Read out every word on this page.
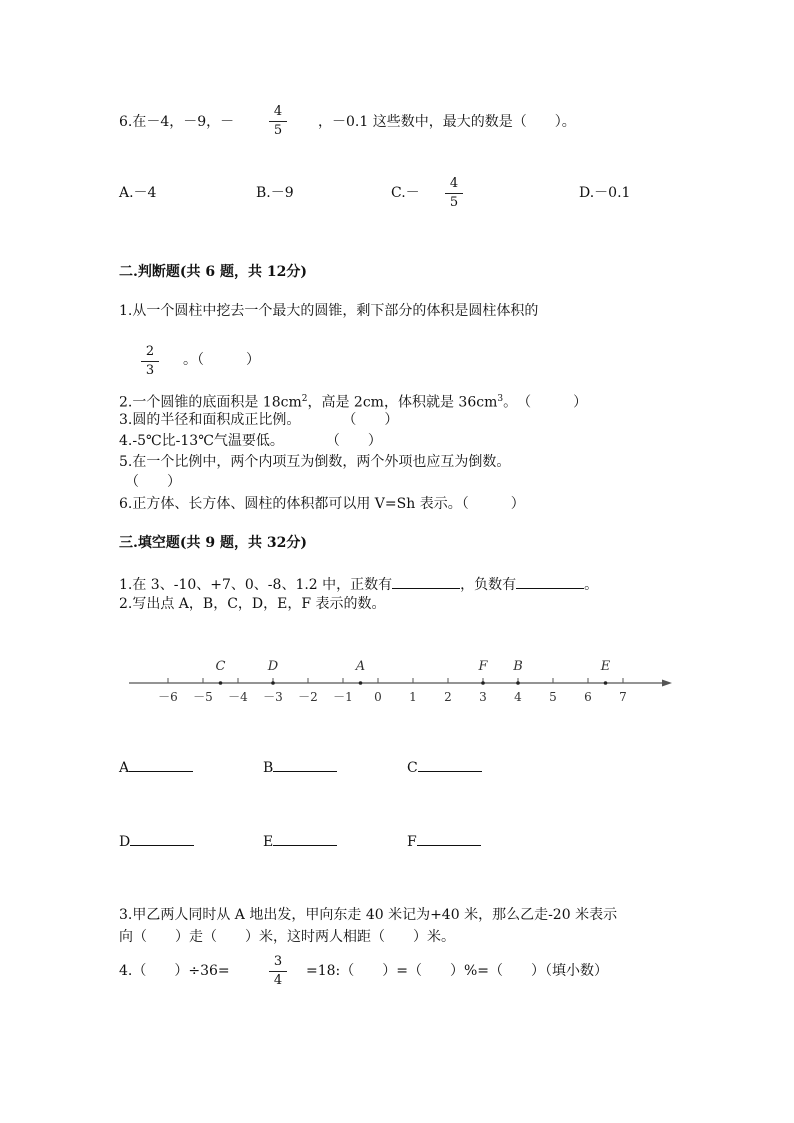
6.在－4，－9，－
4
5
，－0.1 这些数中，最大的数是（　　）。
A.－4	B.－9	C.－
4
5
D.－0.1
二.判断题(共 6 题，共 12分)
1.从一个圆柱中挖去一个最大的圆锥，剩下部分的体积是圆柱体积的
2
3
。（　　　）
2.一个圆锥的底面积是 $18cm^2$，高是 2cm，体积就是 $36cm^3$。　（　　　）
3.圆的半径和面积成正比例。　　　　（　　）
4.-5℃比-13℃气温要低。　　　　（　　）
5.在一个比例中，两个内项互为倒数，两个外项也应互为倒数。
（　　）
6.正方体、长方体、圆柱的体积都可以用 V=Sh 表示。（　　　）
三.填空题(共 9 题，共 32分)
1.在 3、-10、+7、0、-8、1.2 中，正数有	，负数有	。
2.写出点 A，B，C，D，E，F 表示的数。
－6 －5 －4 －3 －2 －1 0 1 2 3 4 5 6 7
C	D	A	F B	E
A	B	C
D	E	F
3.甲乙两人同时从 A 地出发，甲向东走 40 米记为+40 米，那么乙走-20 米表示
向（　　）走（　　）米，这时两人相距（　　）米。
4.（　　）÷36=
3
4
=18:（　　）=（　　）%=（　　）（填小数）
